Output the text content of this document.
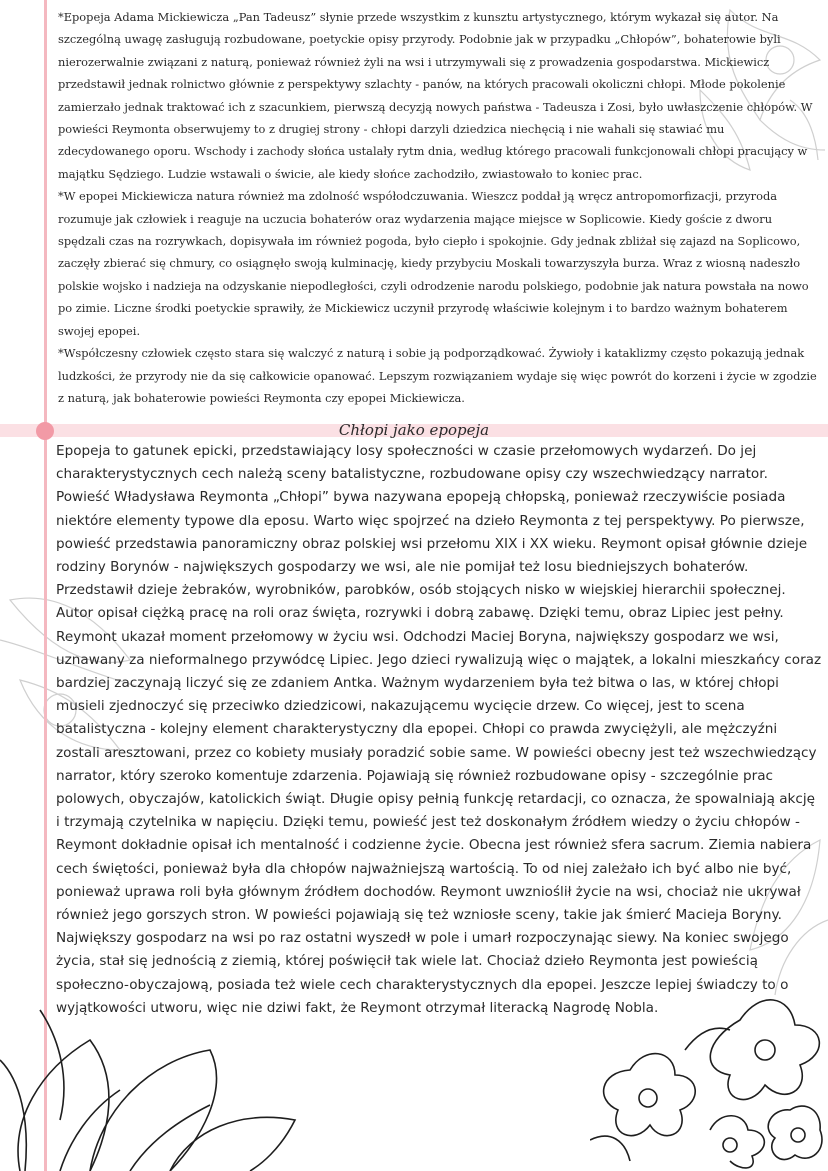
*Epopeja Adama Mickiewicza „Pan Tadeusz” słynie przede wszystkim z kunsztu artystycznego, którym wykazał się autor. Na szczególną uwagę zasługują rozbudowane, poetyckie opisy przyrody. Podobnie jak w przypadku „Chłopów”, bohaterowie byli nierozerwalnie związani z naturą, ponieważ również żyli na wsi i utrzymywali się z prowadzenia gospodarstwa. Mickiewicz przedstawił jednak rolnictwo głównie z perspektywy szlachty - panów, na których pracowali okoliczni chłopi. Młode pokolenie zamierzało jednak traktować ich z szacunkiem, pierwszą decyzją nowych państwa - Tadeusza i Zosi, było uwłaszczenie chłopów. W powieści Reymonta obserwujemy to z drugiej strony - chłopi darzyli dziedzica niechęcią i nie wahali się stawiać mu zdecydowanego oporu. Wschody i zachody słońca ustalały rytm dnia, według którego pracowali funkcjonowali chłopi pracujący w majątku Sędziego. Ludzie wstawali o świcie, ale kiedy słońce zachodziło, zwiastowało to koniec prac.

*W epopei Mickiewicza natura również ma zdolność współodczuwania. Wieszcz poddał ją wręcz antropomorfizacji, przyroda rozumuje jak człowiek i reaguje na uczucia bohaterów oraz wydarzenia mające miejsce w Soplicowie. Kiedy goście z dworu spędzali czas na rozrywkach, dopisywała im również pogoda, było ciepło i spokojnie. Gdy jednak zbliżał się zajazd na Soplicowo, zaczęły zbierać się chmury, co osiągnęło swoją kulminację, kiedy przybyciu Moskali towarzyszyła burza. Wraz z wiosną nadeszło polskie wojsko i nadzieja na odzyskanie niepodległości, czyli odrodzenie narodu polskiego, podobnie jak natura powstała na nowo po zimie. Liczne środki poetyckie sprawiły, że Mickiewicz uczynił przyrodę właściwie kolejnym i to bardzo ważnym bohaterem swojej epopei.

*Współczesny człowiek często stara się walczyć z naturą i sobie ją podporządkować. Żywioły i kataklizmy często pokazują jednak ludzkości, że przyrody nie da się całkowicie opanować. Lepszym rozwiązaniem wydaje się więc powrót do korzeni i życie w zgodzie z naturą, jak bohaterowie powieści Reymonta czy epopei Mickiewicza.

Chłopi jako epopeja

Epopeja to gatunek epicki, przedstawiający losy społeczności w czasie przełomowych wydarzeń. Do jej charakterystycznych cech należą sceny batalistyczne, rozbudowane opisy czy wszechwiedzący narrator. Powieść Władysława Reymonta „Chłopi” bywa nazywana epopeją chłopską, ponieważ rzeczywiście posiada niektóre elementy typowe dla eposu. Warto więc spojrzeć na dzieło Reymonta z tej perspektywy. Po pierwsze, powieść przedstawia panoramiczny obraz polskiej wsi przełomu XIX i XX wieku. Reymont opisał głównie dzieje rodziny Borynów - największych gospodarzy we wsi, ale nie pomijał też losu biedniejszych bohaterów. Przedstawił dzieje żebraków, wyrobników, parobków, osób stojących nisko w wiejskiej hierarchii społecznej. Autor opisał ciężką pracę na roli oraz święta, rozrywki i dobrą zabawę. Dzięki temu, obraz Lipiec jest pełny. Reymont ukazał moment przełomowy w życiu wsi. Odchodzi Maciej Boryna, największy gospodarz we wsi, uznawany za nieformalnego przywódcę Lipiec. Jego dzieci rywalizują więc o majątek, a lokalni mieszkańcy coraz bardziej zaczynają liczyć się ze zdaniem Antka. Ważnym wydarzeniem była też bitwa o las, w której chłopi musieli zjednoczyć się przeciwko dziedzicowi, nakazującemu wycięcie drzew. Co więcej, jest to scena batalistyczna - kolejny element charakterystyczny dla epopei. Chłopi co prawda zwyciężyli, ale mężczyźni zostali aresztowani, przez co kobiety musiały poradzić sobie same. W powieści obecny jest też wszechwiedzący narrator, który szeroko komentuje zdarzenia. Pojawiają się również rozbudowane opisy - szczególnie prac polowych, obyczajów, katolickich świąt. Długie opisy pełnią funkcję retardacji, co oznacza, że spowalniają akcję i trzymają czytelnika w napięciu. Dzięki temu, powieść jest też doskonałym źródłem wiedzy o życiu chłopów - Reymont dokładnie opisał ich mentalność i codzienne życie. Obecna jest również sfera sacrum. Ziemia nabiera cech świętości, ponieważ była dla chłopów najważniejszą wartością. To od niej zależało ich być albo nie być, ponieważ uprawa roli była głównym źródłem dochodów. Reymont uwznioślił życie na wsi, chociaż nie ukrywał również jego gorszych stron. W powieści pojawiają się też wzniosłe sceny, takie jak śmierć Macieja Boryny. Największy gospodarz na wsi po raz ostatni wyszedł w pole i umarł rozpoczynając siewy. Na koniec swojego życia, stał się jednością z ziemią, której poświęcił tak wiele lat. Chociaż dzieło Reymonta jest powieścią społeczno-obyczajową, posiada też wiele cech charakterystycznych dla epopei. Jeszcze lepiej świadczy to o wyjątkowości utworu, więc nie dziwi fakt, że Reymont otrzymał literacką Nagrodę Nobla.
